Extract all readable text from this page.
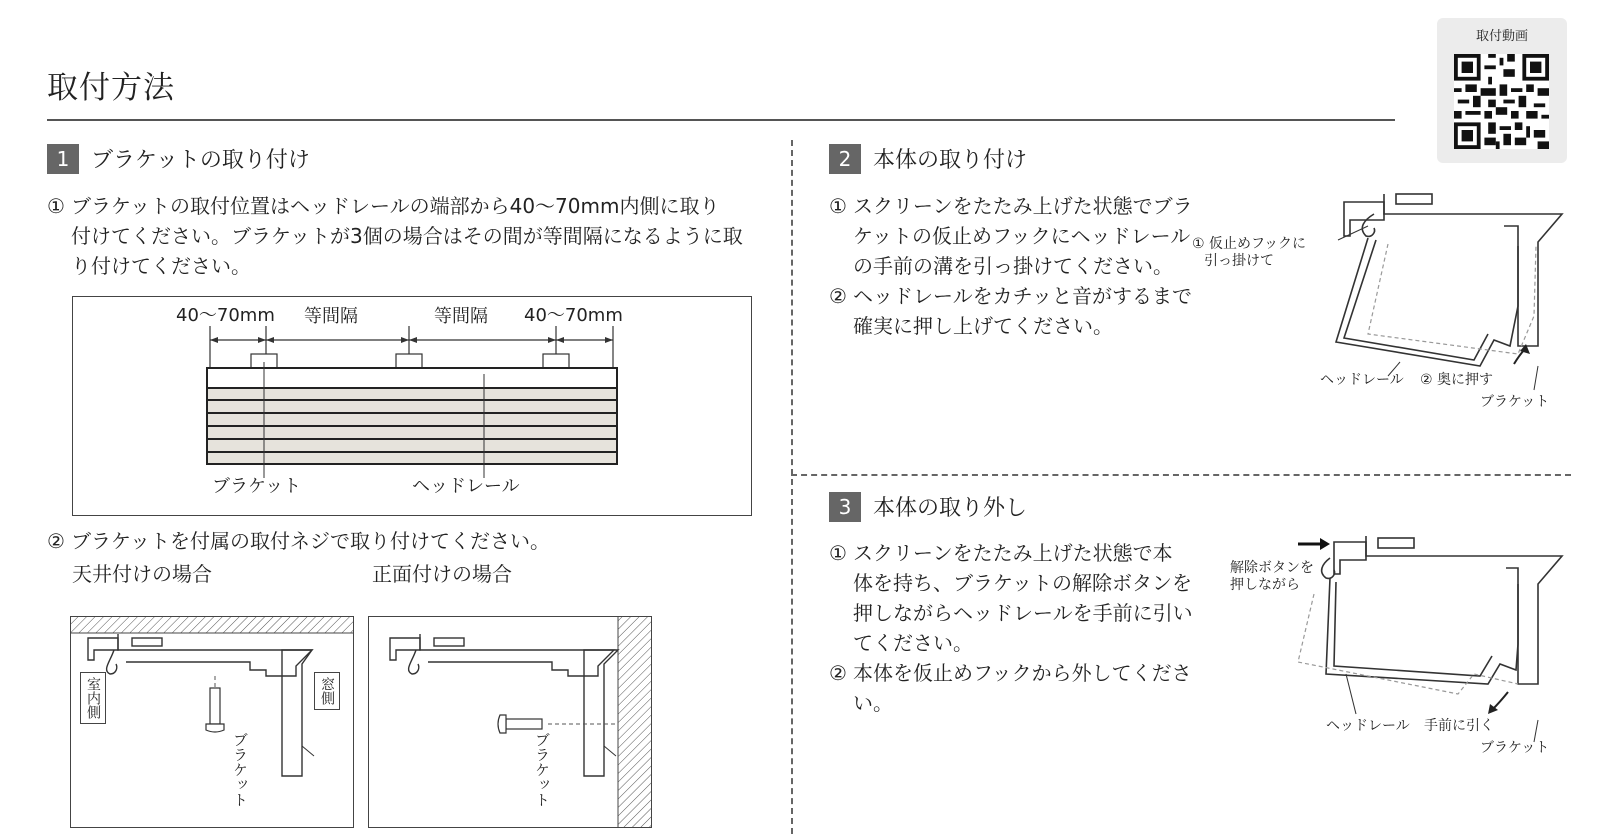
取付方法
取付動画
1 ブラケットの取り付け
① ブラケットの取付位置はヘッドレールの端部から40〜70mm内側に取り
付けてください。ブラケットが3個の場合はその間が等間隔になるように取
り付けてください。
40〜70mm 等間隔	等間隔 40〜70mm
ブラケット	ヘッドレール
② ブラケットを付属の取付ネジで取り付けてください。
天井付けの場合	正面付けの場合
室内側	窓側
ブラケット	ブラケット
2 本体の取り付け
① スクリーンをたたみ上げた状態でブラ
ケットの仮止めフックにヘッドレール
の手前の溝を引っ掛けてください。
② ヘッドレールをカチッと音がするまで
確実に押し上げてください。
① 仮止めフックに
引っ掛けて
ヘッドレール ② 奥に押す
ブラケット
3 本体の取り外し
① スクリーンをたたみ上げた状態で本
体を持ち、ブラケットの解除ボタンを
押しながらヘッドレールを手前に引い
てください。
② 本体を仮止めフックから外してくださ
い。
解除ボタンを
押しながら
ヘッドレール 手前に引く
ブラケット
